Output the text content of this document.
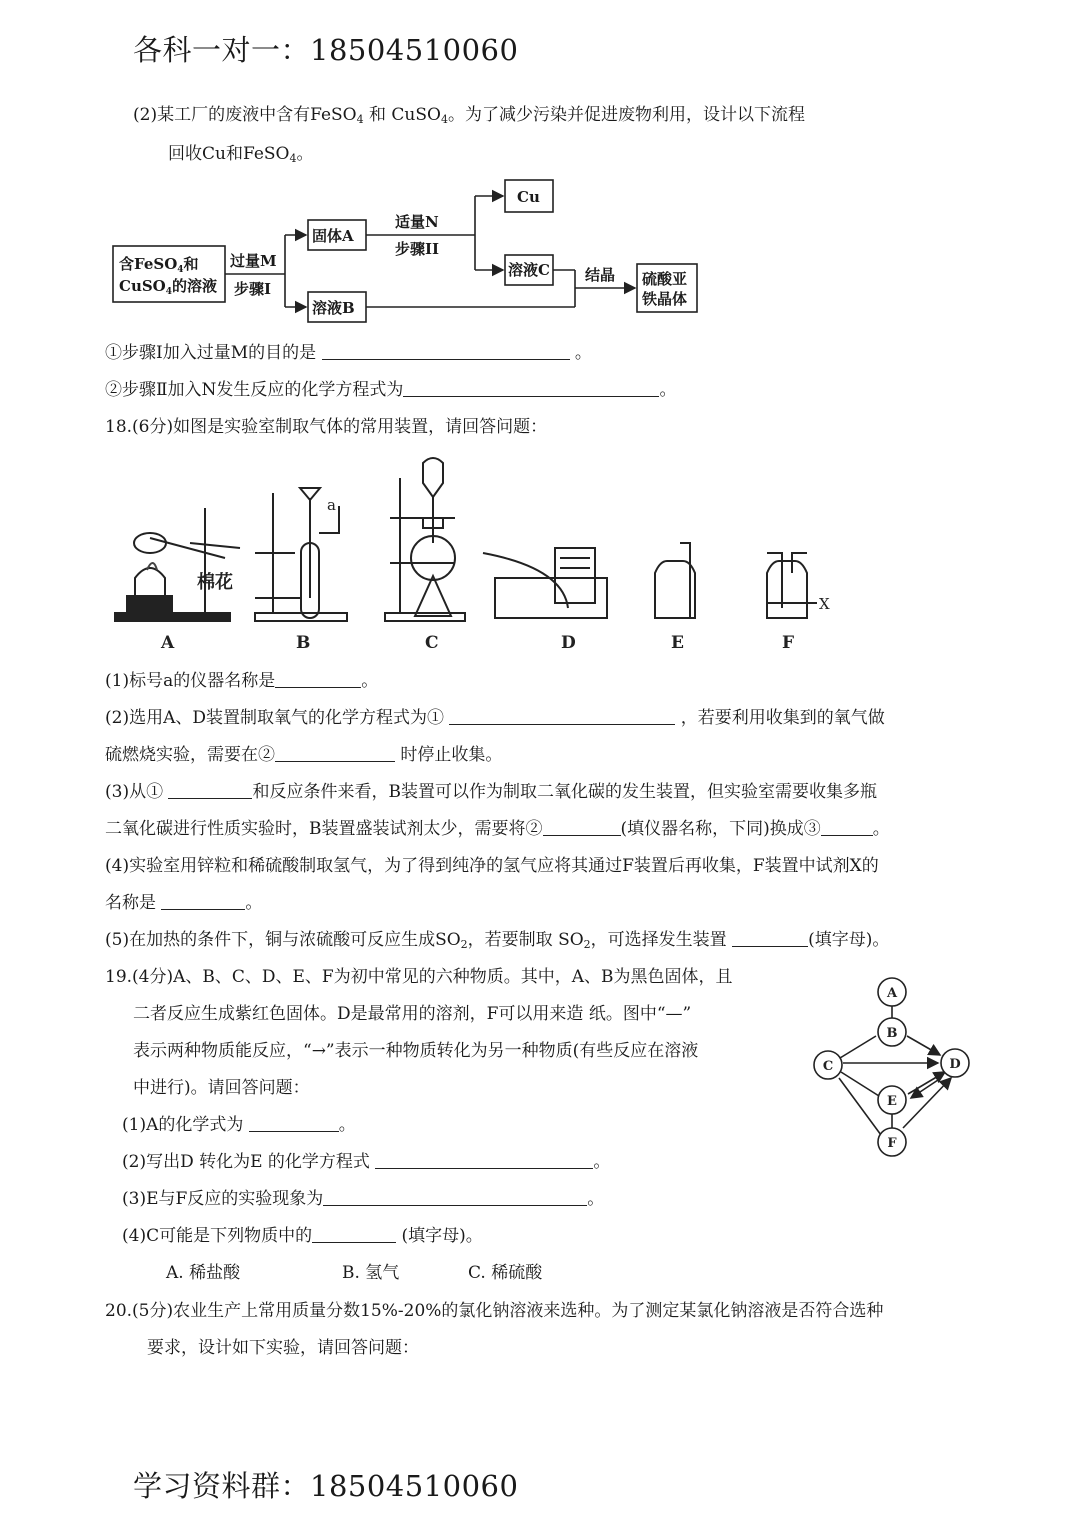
各科一对一：18504510060
(2)某工厂的废液中含有FeSO$_4$ 和 CuSO$_4$。为了减少污染并促进废物利用，设计以下流程
回收Cu和FeSO$_4$。
含FeSO$_4$和
CuSO$_4$的溶液
过量M
步骤I
固体A
适量N
步骤II
Cu
溶液C
溶液B
结晶 硫酸亚
铁晶体
①步骤I加入过量M的目的是	。
②步骤Ⅱ加入N发生反应的化学方程式为	。
18.(6分)如图是实验室制取气体的常用装置，请回答问题：
棉花
a
X
A	B	C	D	E	F
(1)标号a的仪器名称是	。
(2)选用A、D装置制取氧气的化学方程式为①	，若要利用收集到的氧气做
硫燃烧实验，需要在②	时停止收集。
(3)从①	和反应条件来看，B装置可以作为制取二氧化碳的发生装置，但实验室需要收集多瓶
二氧化碳进行性质实验时，B装置盛装试剂太少，需要将②	(填仪器名称，下同)换成③	。
(4)实验室用锌粒和稀硫酸制取氢气，为了得到纯净的氢气应将其通过F装置后再收集，F装置中试剂X的
名称是	。
(5)在加热的条件下，铜与浓硫酸可反应生成$SO_2$，若要制取 $SO_2$，可选择发生装置	(填字母)。
19.(4分)A、B、C、D、E、F为初中常见的六种物质。其中，A、B为黑色固体，且
二者反应生成紫红色固体。D是最常用的溶剂，F可以用来造 纸。图中“—”
表示两种物质能反应，“→”表示一种物质转化为另一种物质(有些反应在溶液
中进行)。请回答问题：
(1)A的化学式为	。
(2)写出D 转化为E 的化学方程式	。
(3)E与F反应的实验现象为	。
(4)C可能是下列物质中的	(填字母)。
A. 稀盐酸	B. 氢气	C. 稀硫酸
A
B
C	D
E
F
20.(5分)农业生产上常用质量分数15%-20%的氯化钠溶液来选种。为了测定某氯化钠溶液是否符合选种
要求，设计如下实验，请回答问题：
学习资料群：18504510060
